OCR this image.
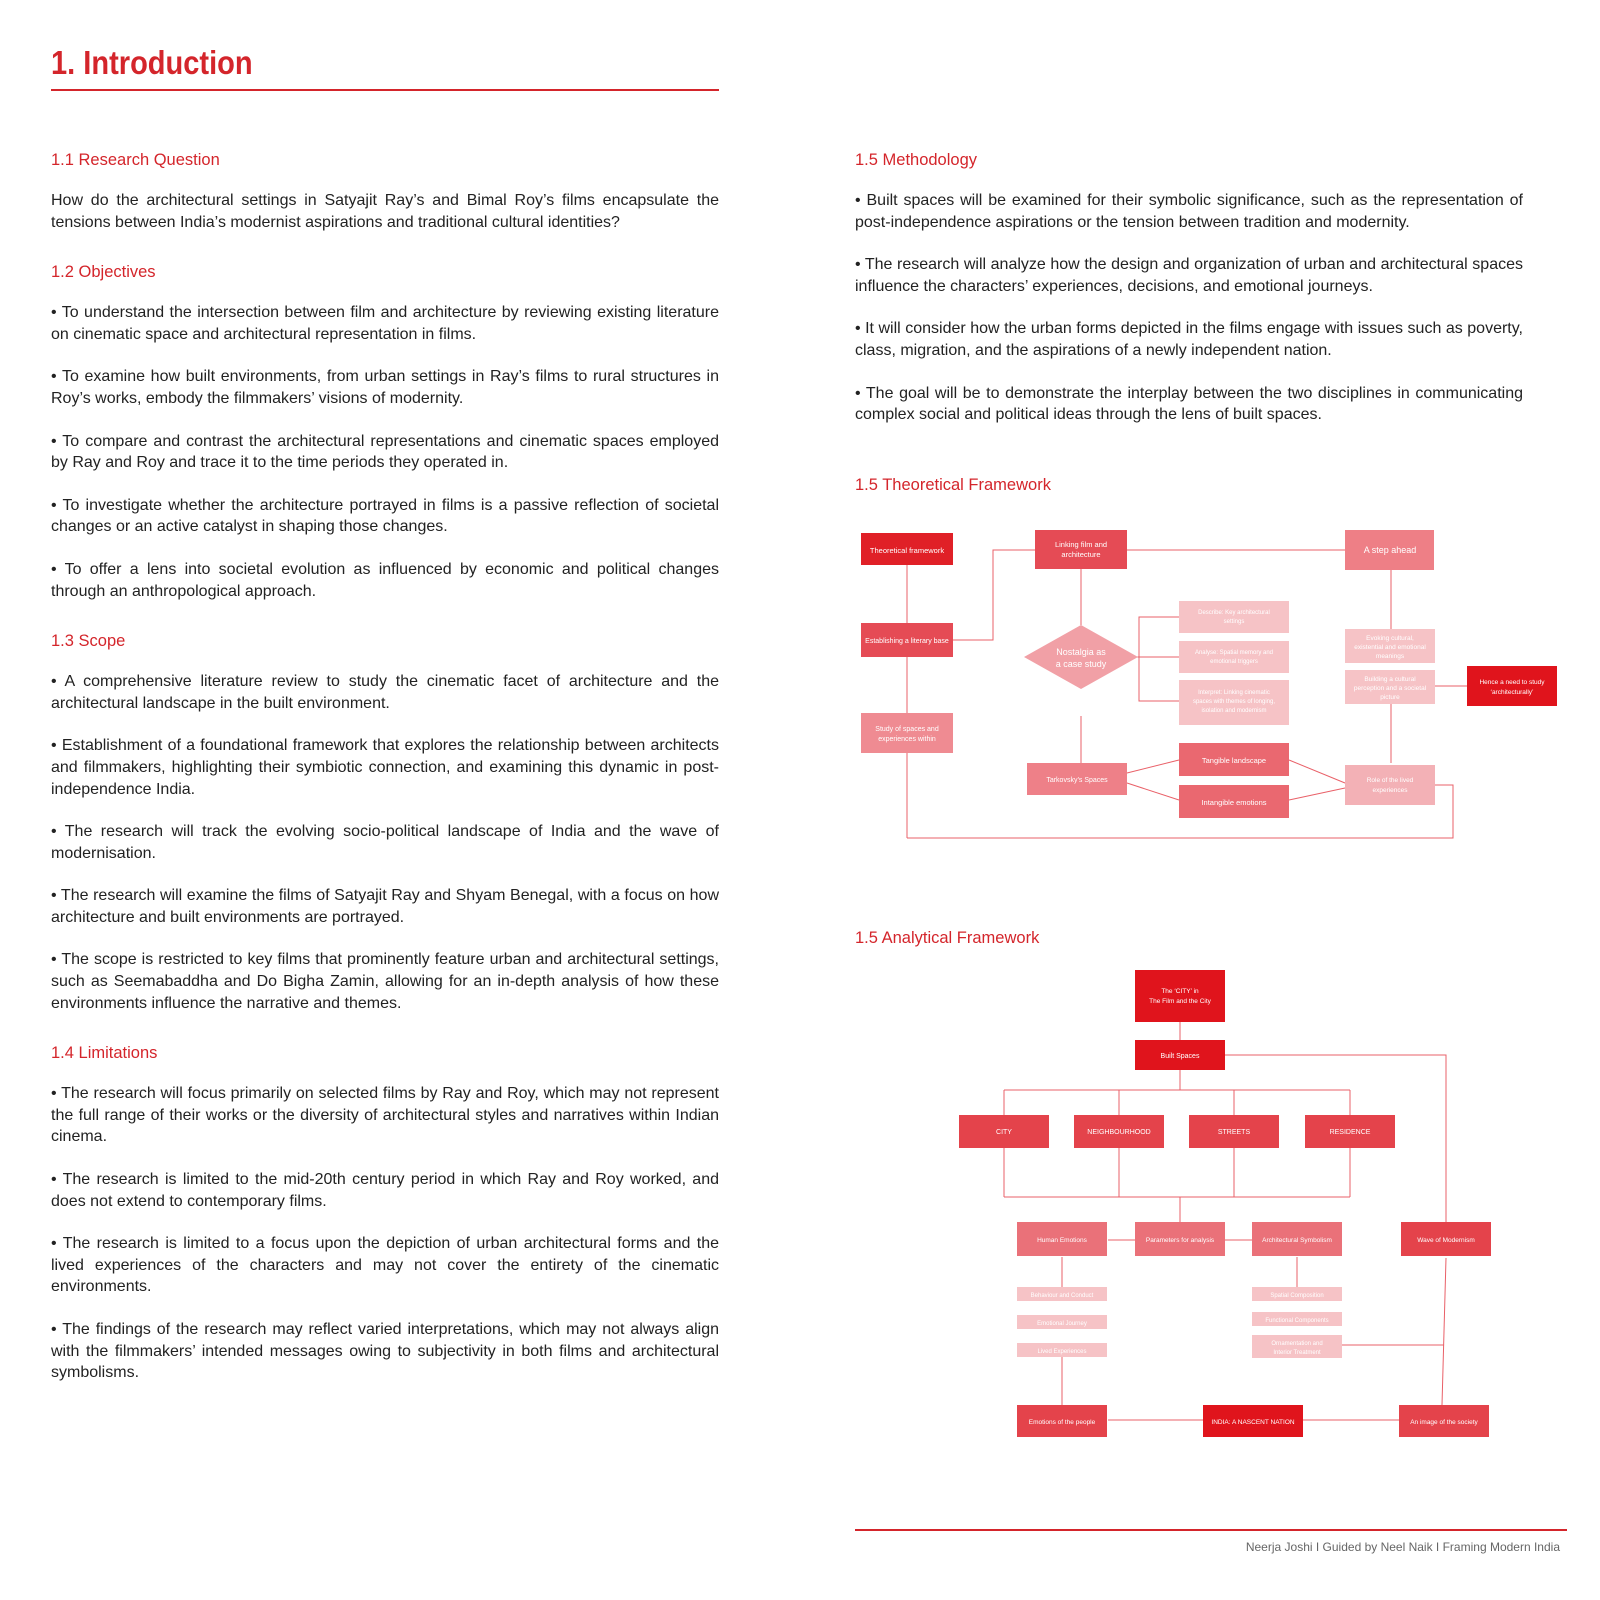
1. Introduction
1.1 Research Question

How do the architectural settings in Satyajit Ray’s and Bimal Roy’s films encapsulate the tensions between India’s modernist aspirations and traditional cultural identities?

1.2 Objectives

• To understand the intersection between film and architecture by reviewing existing literature on cinematic space and architectural representation in films.

• To examine how built environments, from urban settings in Ray’s films to rural structures in Roy’s works, embody the filmmakers’ visions of modernity.

• To compare and contrast the architectural representations and cinematic spaces employed by Ray and Roy and trace it to the time periods they operated in.

• To investigate whether the architecture portrayed in films is a passive reflection of societal changes or an active catalyst in shaping those changes.

• To offer a lens into societal evolution as influenced by economic and political changes through an anthropological approach.

1.3 Scope

• A comprehensive literature review to study the cinematic facet of architecture and the architectural landscape in the built environment.

• Establishment of a foundational framework that explores the relationship between architects and filmmakers, highlighting their symbiotic connection, and examining this dynamic in post-independence India.

• The research will track the evolving socio-political landscape of India and the wave of modernisation.

• The research will examine the films of Satyajit Ray and Shyam Benegal, with a focus on how architecture and built environments are portrayed.

• The scope is restricted to key films that prominently feature urban and architectural settings, such as Seemabaddha and Do Bigha Zamin, allowing for an in-depth analysis of how these environments influence the narrative and themes.

1.4 Limitations

• The research will focus primarily on selected films by Ray and Roy, which may not represent the full range of their works or the diversity of architectural styles and narratives within Indian cinema.

• The research is limited to the mid-20th century period in which Ray and Roy worked, and does not extend to contemporary films.

• The research is limited to a focus upon the depiction of urban architectural forms and the lived experiences of the characters and may not cover the entirety of the cinematic environments.

• The findings of the research may reflect varied interpretations, which may not always align with the filmmakers’ intended messages owing to subjectivity in both films and architectural symbolisms.

1.5 Methodology

• Built spaces will be examined for their symbolic significance, such as the representation of post-independence aspirations or the tension between tradition and modernity.

• The research will analyze how the design and organization of urban and architectural spaces influence the characters’ experiences, decisions, and emotional journeys.

• It will consider how the urban forms depicted in the films engage with issues such as poverty, class, migration, and the aspirations of a newly independent nation.

• The goal will be to demonstrate the interplay between the two disciplines in communicating complex social and political ideas through the lens of built spaces.

1.5 Theoretical Framework
Theoretical framework
Linking film and
architecture	A step ahead
Establishing a literary base
Study of spaces and
experiences within
Nostalgia as
a case study
Describe: Key architectural
settings
Analyse: Spatial memory and
emotional triggers
Interpret: Linking cinematic
spaces with themes of longing,
isolation and modernism
Evoking cultural,
existential and emotional
meanings
Building a cultural
perception and a societal
picture
Hence a need to study
‘architecturally’
Tarkovsky’s Spaces
Tangible landscape
Intangible emotions
Role of the lived
experiences
1.5 Analytical Framework
The ‘CITY’ in
The Film and the City
Built Spaces
CITY	NEIGHBOURHOOD	STREETS	RESIDENCE
Human Emotions	Parameters for analysis	Architectural Symbolism	Wave of Modernism
Behaviour and Conduct
Emotional Journey
Lived Experiences
Spatial Composition
Functional Components
Ornamentation and
Interior Treatment
Emotions of the people	INDIA: A NASCENT NATION	An image of the society
Neerja Joshi I Guided by Neel Naik I Framing Modern India
